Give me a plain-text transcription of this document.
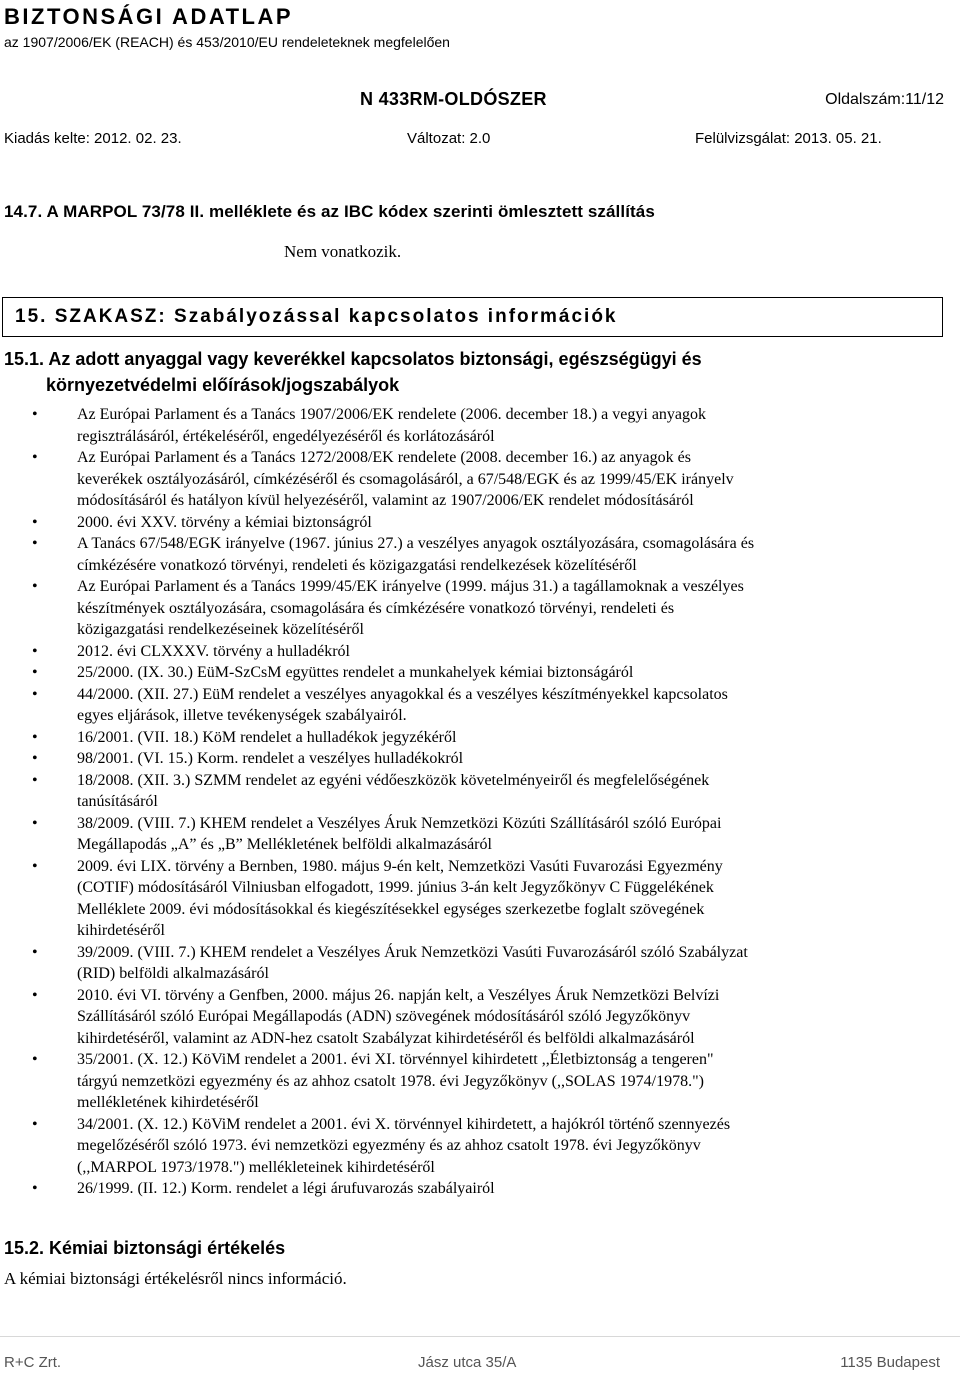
BIZTONSÁGI ADATLAP
az 1907/2006/EK (REACH) és 453/2010/EU rendeleteknek megfelelően
N 433RM-OLDÓSZER	Oldalszám:11/12
Kiadás kelte: 2012. 02. 23.	Változat: 2.0	Felülvizsgálat: 2013. 05. 21.
14.7. A MARPOL 73/78 II. melléklete és az IBC kódex szerinti ömlesztett szállítás
Nem vonatkozik.
15. SZAKASZ: Szabályozással kapcsolatos információk
15.1. Az adott anyaggal vagy keverékkel kapcsolatos biztonsági, egészségügyi és
környezetvédelmi előírások/jogszabályok
• Az Európai Parlament és a Tanács 1907/2006/EK rendelete (2006. december 18.) a vegyi anyagok
regisztrálásáról, értékeléséről, engedélyezéséről és korlátozásáról
• Az Európai Parlament és a Tanács 1272/2008/EK rendelete (2008. december 16.) az anyagok és
keverékek osztályozásáról, címkézéséről és csomagolásáról, a 67/548/EGK és az 1999/45/EK irányelv
módosításáról és hatályon kívül helyezéséről, valamint az 1907/2006/EK rendelet módosításáról
• 2000. évi XXV. törvény a kémiai biztonságról
• A Tanács 67/548/EGK irányelve (1967. június 27.) a veszélyes anyagok osztályozására, csomagolására és
címkézésére vonatkozó törvényi, rendeleti és közigazgatási rendelkezések közelítéséről
• Az Európai Parlament és a Tanács 1999/45/EK irányelve (1999. május 31.) a tagállamoknak a veszélyes
készítmények osztályozására, csomagolására és címkézésére vonatkozó törvényi, rendeleti és
közigazgatási rendelkezéseinek közelítéséről
• 2012. évi CLXXXV. törvény a hulladékról
• 25/2000. (IX. 30.) EüM-SzCsM együttes rendelet a munkahelyek kémiai biztonságáról
• 44/2000. (XII. 27.) EüM rendelet a veszélyes anyagokkal és a veszélyes készítményekkel kapcsolatos
egyes eljárások, illetve tevékenységek szabályairól.
• 16/2001. (VII. 18.) KöM rendelet a hulladékok jegyzékéről
• 98/2001. (VI. 15.) Korm. rendelet a veszélyes hulladékokról
• 18/2008. (XII. 3.) SZMM rendelet az egyéni védőeszközök követelményeiről és megfelelőségének
tanúsításáról
• 38/2009. (VIII. 7.) KHEM rendelet a Veszélyes Áruk Nemzetközi Közúti Szállításáról szóló Európai
Megállapodás „A” és „B” Mellékletének belföldi alkalmazásáról
• 2009. évi LIX. törvény a Bernben, 1980. május 9-én kelt, Nemzetközi Vasúti Fuvarozási Egyezmény
(COTIF) módosításáról Vilniusban elfogadott, 1999. június 3-án kelt Jegyzőkönyv C Függelékének
Melléklete 2009. évi módosításokkal és kiegészítésekkel egységes szerkezetbe foglalt szövegének
kihirdetéséről
• 39/2009. (VIII. 7.) KHEM rendelet a Veszélyes Áruk Nemzetközi Vasúti Fuvarozásáról szóló Szabályzat
(RID) belföldi alkalmazásáról
• 2010. évi VI. törvény a Genfben, 2000. május 26. napján kelt, a Veszélyes Áruk Nemzetközi Belvízi
Szállításáról szóló Európai Megállapodás (ADN) szövegének módosításáról szóló Jegyzőkönyv
kihirdetéséről, valamint az ADN-hez csatolt Szabályzat kihirdetéséről és belföldi alkalmazásáról
• 35/2001. (X. 12.) KöViM rendelet a 2001. évi XI. törvénnyel kihirdetett ,,Életbiztonság a tengeren"
tárgyú nemzetközi egyezmény és az ahhoz csatolt 1978. évi Jegyzőkönyv (,,SOLAS 1974/1978.")
mellékletének kihirdetéséről
• 34/2001. (X. 12.) KöViM rendelet a 2001. évi X. törvénnyel kihirdetett, a hajókról történő szennyezés
megelőzéséről szóló 1973. évi nemzetközi egyezmény és az ahhoz csatolt 1978. évi Jegyzőkönyv
(,,MARPOL 1973/1978.") mellékleteinek kihirdetéséről
• 26/1999. (II. 12.) Korm. rendelet a légi árufuvarozás szabályairól
15.2. Kémiai biztonsági értékelés
A kémiai biztonsági értékelésről nincs információ.
R+C Zrt.	Jász utca 35/A	1135 Budapest
